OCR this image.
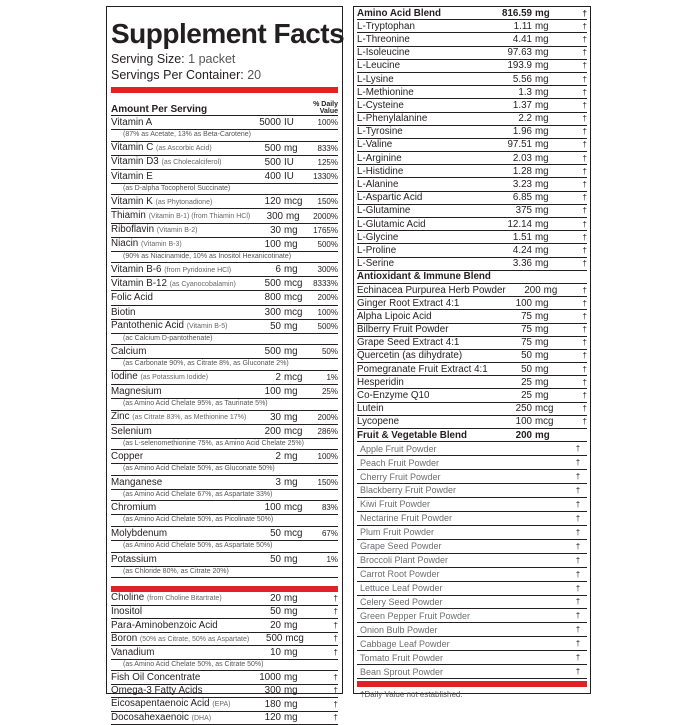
Supplement Facts
Serving Size: 1 packet
Servings Per Container: 20
Amount Per Serving	% Daily Value
Vitamin A	5000 IU	100%
(87% as Acetate, 13% as Beta-Carotene)
Vitamin C (as Ascorbic Acid)	500 mg	833%
Vitamin D3 (as Cholecalciferol)	500 IU	125%
Vitamin E	400 IU	1330%
(as D-alpha Tocopherol Succinate)
Vitamin K (as Phytonadione)	120 mcg	150%
Thiamin (Vitamin B-1) (from Thiamin HCl)	300 mg	2000%
Riboflavin (Vitamin B-2)	30 mg	1765%
Niacin (Vitamin B-3)	100 mg	500%
(90% as Niacinamide, 10% as Inositol Hexanicotinate)
Vitamin B-6 (from Pyridoxine HCl)	6 mg	300%
Vitamin B-12 (as Cyanocobalamin)	500 mcg	8333%
Folic Acid	800 mcg	200%
Biotin	300 mcg	100%
Pantothenic Acid (Vitamin B-5)	50 mg	500%
(ac Calcium D-pantothenate)
Calcium	500 mg	50%
(as Carbonate 90%, as Citrate 8%, as Gluconate 2%)
Iodine (as Potassium Iodide)	2 mcg	1%
Magnesium	100 mg	25%
(as Amino Acid Chelate 95%, as Taurinate 5%)
Zinc (as Citrate 83%, as Methionine 17%)	30 mg	200%
Selenium	200 mcg	286%
(as L-selenomethionine 75%, as Amino Acid Chelate 25%)
Copper	2 mg	100%
(as Amino Acid Chelate 50%, as Gluconate 50%)
Manganese	3 mg	150%
(as Amino Acid Chelate 67%, as Aspartate 33%)
Chromium	100 mcg	83%
(as Amino Acid Chelate 50%, as Picolinate 50%)
Molybdenum	50 mcg	67%
(as Amino Acid Chelate 50%, as Aspartate 50%)
Potassium	50 mg	1%
(as Chloride 80%, as Citrate 20%)
Choline (from Choline Bitartrate)	20 mg	†
Inositol	50 mg	†
Para-Aminobenzoic Acid	20 mg	†
Boron (50% as Citrate, 50% as Aspartate)	500 mcg	†
Vanadium	10 mg	†
(as Amino Acid Chelate 50%, as Citrate 50%)
Fish Oil Concentrate	1000 mg	†
Omega-3 Fatty Acids	300 mg	†
Eicosapentaenoic Acid (EPA)	180 mg	†
Docosahexaenoic (DHA)	120 mg	†
Amino Acid Blend	816.59 mg	†
L-Tryptophan	1.11 mg	†
L-Threonine	4.41 mg	†
L-Isoleucine	97.63 mg	†
L-Leucine	193.9 mg	†
L-Lysine	5.56 mg	†
L-Methionine	1.3 mg	†
L-Cysteine	1.37 mg	†
L-Phenylalanine	2.2 mg	†
L-Tyrosine	1.96 mg	†
L-Valine	97.51 mg	†
L-Arginine	2.03 mg	†
L-Histidine	1.28 mg	†
L-Alanine	3.23 mg	†
L-Aspartic Acid	6.85 mg	†
L-Glutamine	375 mg	†
L-Glutamic Acid	12.14 mg	†
L-Glycine	1.51 mg	†
L-Proline	4.24 mg	†
L-Serine	3.36 mg	†
Antioxidant & Immune Blend
Echinacea Purpurea Herb Powder	200 mg	†
Ginger Root Extract 4:1	100 mg	†
Alpha Lipoic Acid	75 mg	†
Bilberry Fruit Powder	75 mg	†
Grape Seed Extract 4:1	75 mg	†
Quercetin (as dihydrate)	50 mg	†
Pomegranate Fruit Extract 4:1	50 mg	†
Hesperidin	25 mg	†
Co-Enzyme Q10	25 mg	†
Lutein	250 mcg	†
Lycopene	100 mcg	†
Fruit & Vegetable Blend	200 mg
Apple Fruit Powder	†
Peach Fruit Powder	†
Cherry Fruit Powder	†
Blackberry Fruit Powder	†
Kiwi Fruit Powder	†
Nectarine Fruit Powder	†
Plum Fruit Powder	†
Grape Seed Powder	†
Broccoli Plant Powder	†
Carrot Root Powder	†
Lettuce Leaf Powder	†
Celery Seed Powder	†
Green Pepper Fruit Powder	†
Onion Bulb Powder	†
Cabbage Leaf Powder	†
Tomato Fruit Powder	†
Bean Sprout Powder	†
†Daily Value not established.
